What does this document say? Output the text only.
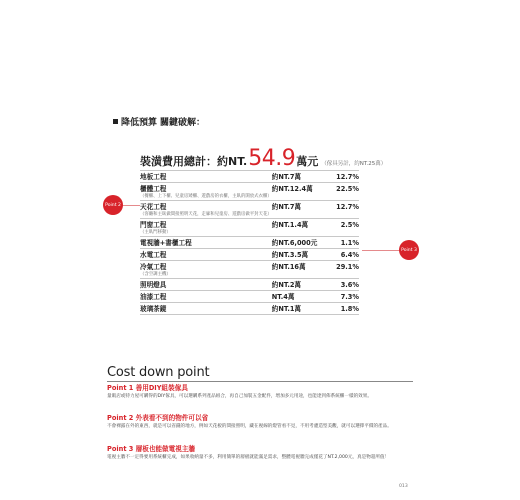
降低預算 關鍵破解：
裝潢費用總計： 約NT. 54.9 萬元 （傢具另計，約NT.25萬）
地板工程	約NT.7萬	12.7%

櫃體工程
（餐櫃、上下櫃、兒童房矮櫃、遊戲房的衣櫃，主臥的開放式衣櫃）	約NT.12.4萬	22.5%

天花工程
（客廳和主臥做間接照明天花，走廊和兒童房、遊戲房做平封天花）	約NT.7萬	12.7%

門窗工程
（主臥門移動）	約NT.1.4萬	2.5%

電視牆+書櫃工程	約NT.6,000元	1.1%

水電工程	約NT.3.5萬	6.4%

冷氣工程
（含空調主機）	約NT.16萬	29.1%

照明燈具	約NT.2萬	3.6%

油漆工程	NT.4萬	7.3%

玻璃茶鏡	約NT.1萬	1.8%
Point 2
Point 3
Cost down point
Point 1 善用DIY組裝傢具
量販店或特力屋可購得的DIY傢具，可以選購系列產品組合，再自己加裝五金配件，增加多元用途，也能達到佈系統櫃一樣的效果。
Point 2 外表看不到的物件可以省
不會裸露在外的東西，就是可以省錢的地方，例如天花板的間接照明，藏在視線的燈管看不見，不用考慮造型美觀，就可以選擇平價的產品。
Point 3 層板也能做電視主牆
電視主牆不一定得要用系統櫃完成，如果收納量不多，利用簡單的層板就能滿足需求，整體電視牆完成僅花了NT.2,000元，真是物超所值！
013
